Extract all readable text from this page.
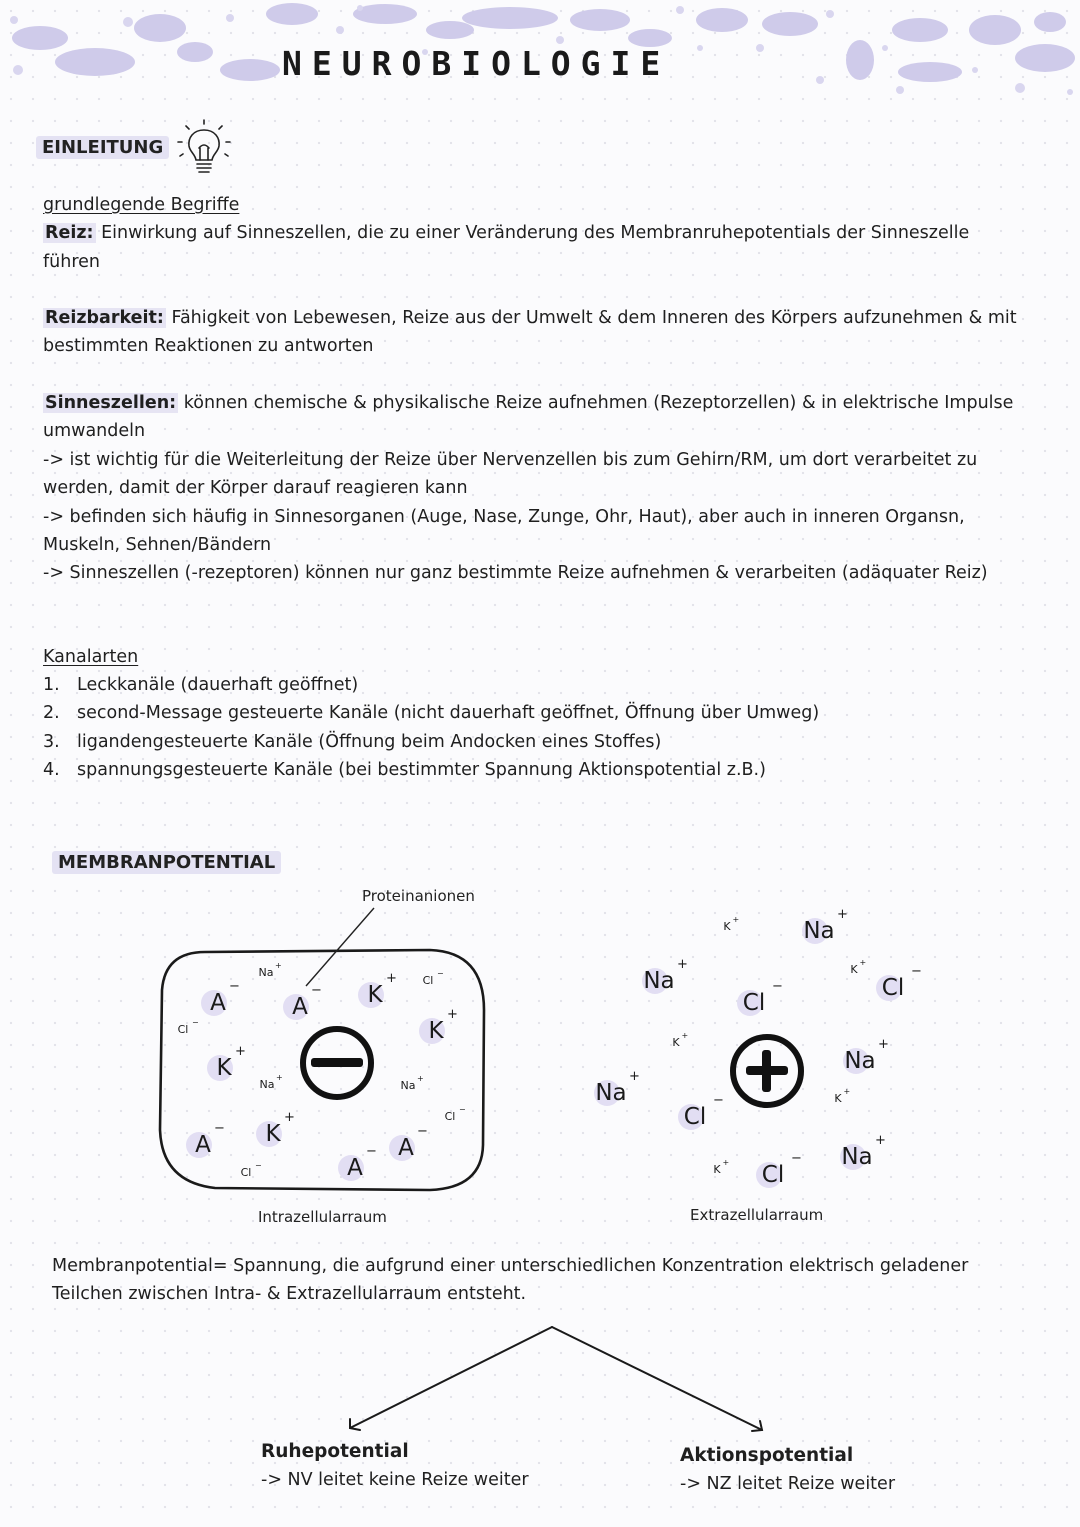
NEUROBIOLOGIE
EINLEITUNG

grundlegende Begriffe

Reiz: Einwirkung auf Sinneszellen, die zu einer Veränderung des Membranruhepotentials der Sinneszelle führen

Reizbarkeit: Fähigkeit von Lebewesen, Reize aus der Umwelt & dem Inneren des Körpers aufzunehmen & mit bestimmten Reaktionen zu antworten

Sinneszellen: können chemische & physikalische Reize aufnehmen (Rezeptorzellen) & in elektrische Impulse umwandeln

-> ist wichtig für die Weiterleitung der Reize über Nervenzellen bis zum Gehirn/RM, um dort verarbeitet zu werden, damit der Körper darauf reagieren kann

-> befinden sich häufig in Sinnesorganen (Auge, Nase, Zunge, Ohr, Haut), aber auch in inneren Organsn, Muskeln, Sehnen/Bändern

-> Sinneszellen (-rezeptoren) können nur ganz bestimmte Reize aufnehmen & verarbeiten (adäquater Reiz)

Kanalarten

1. Leckkanäle (dauerhaft geöffnet)
2. second-Message gesteuerte Kanäle (nicht dauerhaft geöffnet, Öffnung über Umweg)
3. ligandengesteuerte Kanäle (Öffnung beim Andocken eines Stoffes)
4. spannungsgesteuerte Kanäle (bei bestimmter Spannung Aktionspotential z.B.)
MEMBRANPOTENTIAL
Proteinanionen
A
−
A
−
A
−
A
− A
−
K
+
K
+
K
+
K
+
Na
+
Na
+
Na
+
Cl
−
Cl
−
Cl
−
Cl
−
Na
+
Na
+
Na
+
Na
+
Na
+
Cl
−	Cl
−
Cl
−
Cl
−
K
+
K
+
K
+
K
+
K
+
Intrazellularraum	Extrazellularraum

Membranpotential= Spannung, die aufgrund einer unterschiedlichen Konzentration elektrisch geladener Teilchen zwischen Intra- & Extrazellularraum entsteht.

Ruhepotential
-> NV leitet keine Reize weiter
Aktionspotential
-> NZ leitet Reize weiter
